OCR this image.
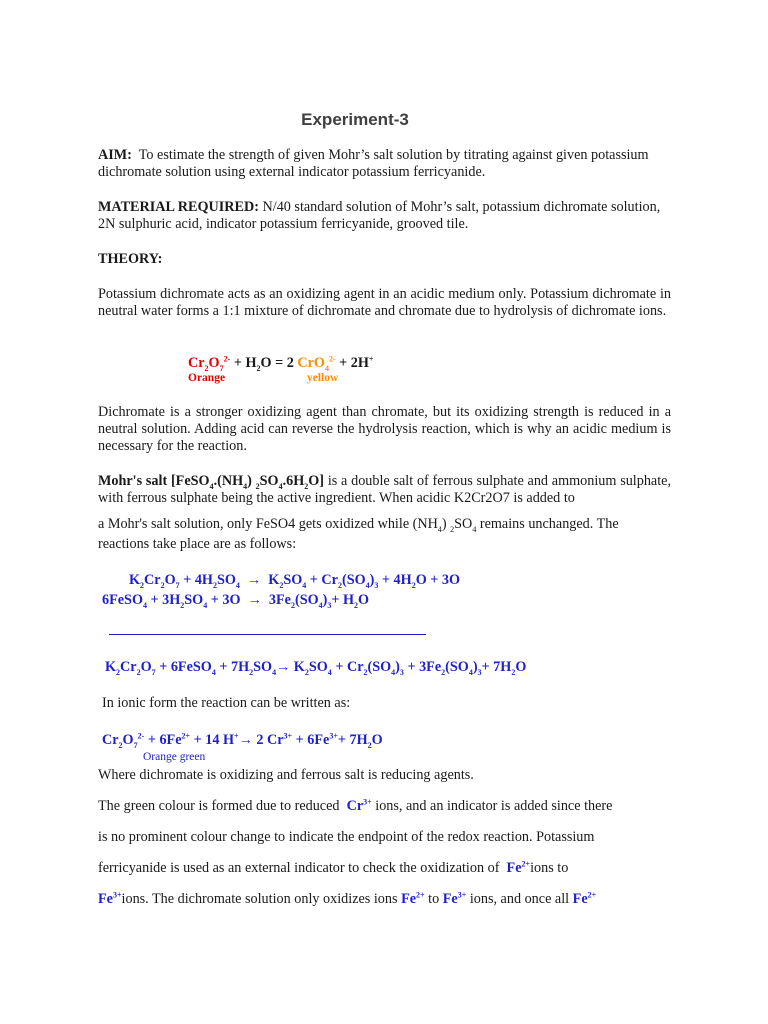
Experiment-3
AIM: To estimate the strength of given Mohr’s salt solution by titrating against given potassium dichromate solution using external indicator potassium ferricyanide.
MATERIAL REQUIRED: N/40 standard solution of Mohr’s salt, potassium dichromate solution, 2N sulphuric acid, indicator potassium ferricyanide, grooved tile.
THEORY:
Potassium dichromate acts as an oxidizing agent in an acidic medium only. Potassium dichromate in neutral water forms a 1:1 mixture of dichromate and chromate due to hydrolysis of dichromate ions.
$Cr_2O_7^{2-} + H_2O = 2$ CrO$_4^{2-}$ + 2H+
Orange	yellow
Dichromate is a stronger oxidizing agent than chromate, but its oxidizing strength is reduced in a neutral solution. Adding acid can reverse the hydrolysis reaction, which is why an acidic medium is necessary for the reaction.
Mohr's salt [$FeSO_4.(NH_4)$ $_2SO_4.6H_2O$] is a double salt of ferrous sulphate and ammonium sulphate, with ferrous sulphate being the active ingredient. When acidic K2Cr2O7 is added to
a Mohr's salt solution, only FeSO4 gets oxidized while $(NH_4)$ $_2SO_4$ remains unchanged. The
reactions take place are as follows:
$K_2Cr_2O_7 + 4H_2SO_4 \to K_2SO_4 + Cr_2(SO_4)_3 + 4H_2O + 3O$
6FeSO$_4$ + $3H_2SO_4 + 3O \to 3Fe_2(SO_4)_3+ H_2O$
$K_2Cr_2O_7$ + 6FeSO$_4$ + $7H_2SO_4\to K_2SO_4 + Cr_2(SO_4)_3 + 3Fe_2(SO_4)_3+ 7H_2O$
In ionic form the reaction can be written as:
$Cr_2O_7^{2-} + 6Fe^{2+} + 14$ H+→ 2 $Cr^{3+} + 6Fe^{3+}+ 7H_2O$
Orange green
Where dichromate is oxidizing and ferrous salt is reducing agents.
The green colour is formed due to reduced $Cr^{3+}$ ions, and an indicator is added since there
is no prominent colour change to indicate the endpoint of the redox reaction. Potassium
ferricyanide is used as an external indicator to check the oxidization of $Fe^{2+}ions$ to
$Fe^{3+}ions$. The dichromate solution only oxidizes ions $Fe^{2+}$ to $Fe^{3+}$ ions, and once all $Fe^{2+}$
